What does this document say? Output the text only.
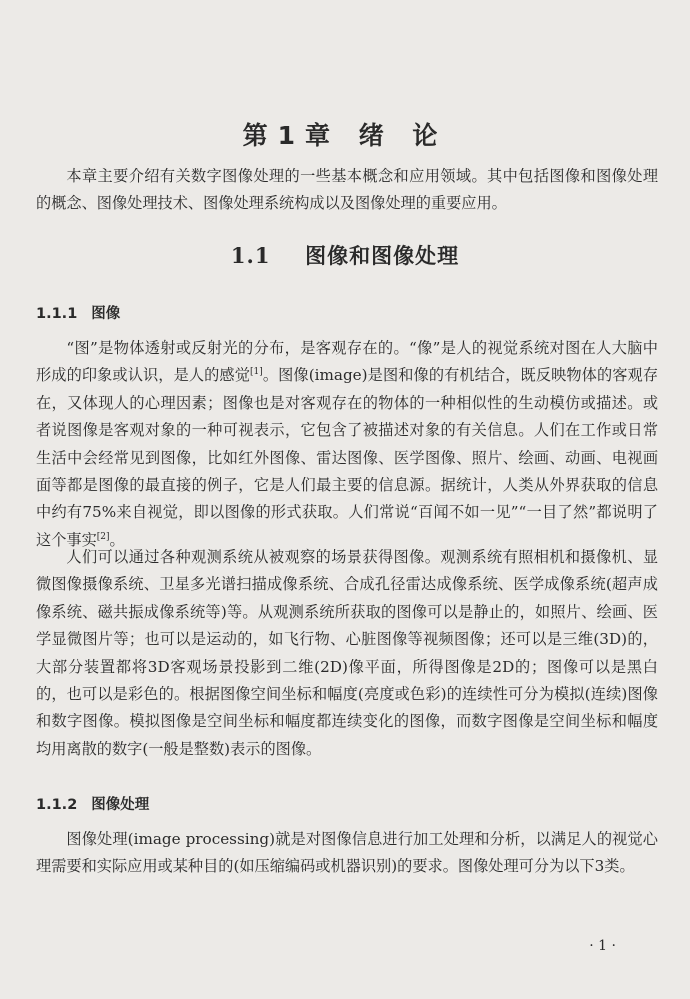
第1章 绪 论

本章主要介绍有关数字图像处理的一些基本概念和应用领域。其中包括图像和图像处理的概念、图像处理技术、图像处理系统构成以及图像处理的重要应用。

1.1 图像和图像处理
1.1.1 图像

“图”是物体透射或反射光的分布，是客观存在的。“像”是人的视觉系统对图在人大脑中形成的印象或认识，是人的感觉[1]。图像(image)是图和像的有机结合，既反映物体的客观存在，又体现人的心理因素；图像也是对客观存在的物体的一种相似性的生动模仿或描述。或者说图像是客观对象的一种可视表示，它包含了被描述对象的有关信息。人们在工作或日常生活中会经常见到图像，比如红外图像、雷达图像、医学图像、照片、绘画、动画、电视画面等都是图像的最直接的例子，它是人们最主要的信息源。据统计，人类从外界获取的信息中约有75%来自视觉，即以图像的形式获取。人们常说“百闻不如一见”“一目了然”都说明了这个事实[2]。

人们可以通过各种观测系统从被观察的场景获得图像。观测系统有照相机和摄像机、显微图像摄像系统、卫星多光谱扫描成像系统、合成孔径雷达成像系统、医学成像系统(超声成像系统、磁共振成像系统等)等。从观测系统所获取的图像可以是静止的，如照片、绘画、医学显微图片等；也可以是运动的，如飞行物、心脏图像等视频图像；还可以是三维(3D)的，大部分装置都将3D客观场景投影到二维(2D)像平面，所得图像是2D的；图像可以是黑白的，也可以是彩色的。根据图像空间坐标和幅度(亮度或色彩)的连续性可分为模拟(连续)图像和数字图像。模拟图像是空间坐标和幅度都连续变化的图像，而数字图像是空间坐标和幅度均用离散的数字(一般是整数)表示的图像。

1.1.2 图像处理

图像处理(image processing)就是对图像信息进行加工处理和分析，以满足人的视觉心理需要和实际应用或某种目的(如压缩编码或机器识别)的要求。图像处理可分为以下3类。

· 1 ·
